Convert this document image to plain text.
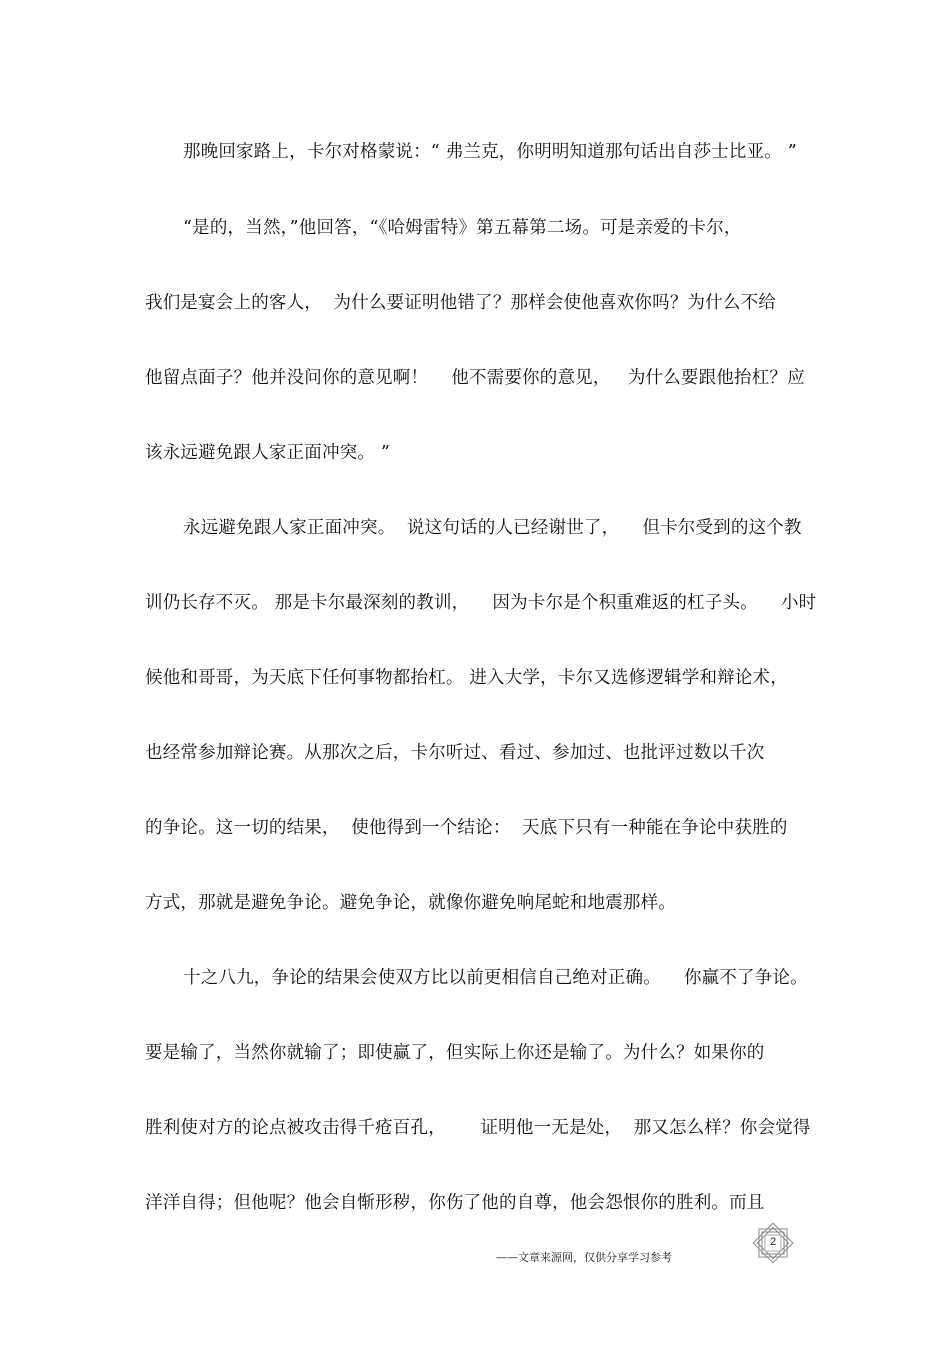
那晚回家路上，卡尔对格蒙说：“ 弗兰克，你明明知道那句话出自莎士比亚。 ”
“是的，当然，”他回答，“《哈姆雷特》第五幕第二场。可是亲爱的卡尔，
我们是宴会上的客人，  为什么要证明他错了？那样会使他喜欢你吗？为什么不给
他留点面子？他并没问你的意见啊！    他不需要你的意见，   为什么要跟他抬杠？应
该永远避免跟人家正面冲突。 ”
永远避免跟人家正面冲突。  说这句话的人已经谢世了，    但卡尔受到的这个教
训仍长存不灭。 那是卡尔最深刻的教训，    因为卡尔是个积重难返的杠子头。    小时
候他和哥哥，为天底下任何事物都抬杠。 进入大学，卡尔又选修逻辑学和辩论术，
也经常参加辩论赛。从那次之后，卡尔听过、看过、参加过、也批评过数以千次
的争论。这一切的结果，  使他得到一个结论：  天底下只有一种能在争论中获胜的
方式，那就是避免争论。避免争论，就像你避免响尾蛇和地震那样。
十之八九，争论的结果会使双方比以前更相信自己绝对正确。    你赢不了争论。
要是输了，当然你就输了；即使赢了，但实际上你还是输了。为什么？如果你的
胜利使对方的论点被攻击得千疮百孔，      证明他一无是处，  那又怎么样？你会觉得
洋洋自得；但他呢？他会自惭形秽，你伤了他的自尊，他会怨恨你的胜利。而且
——文章来源网，仅供分享学习参考
2
